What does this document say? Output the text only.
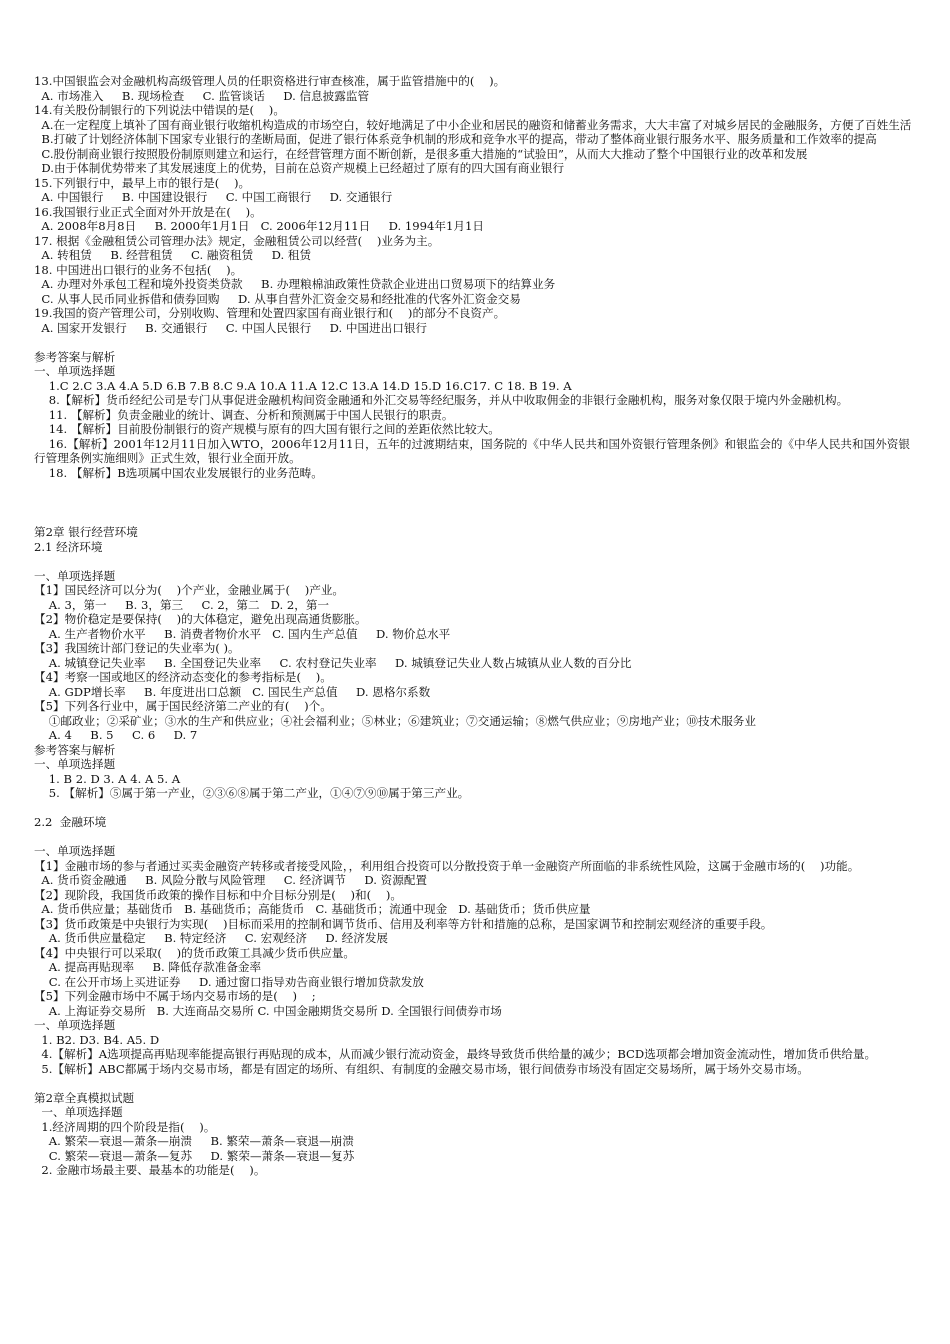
13.中国银监会对金融机构高级管理人员的任职资格进行审查核准，属于监管措施中的(    )。
A. 市场准入     B. 现场检查     C. 监管谈话     D. 信息披露监管
14.有关股份制银行的下列说法中错误的是(    )。
A.在一定程度上填补了国有商业银行收缩机构造成的市场空白，较好地满足了中小企业和居民的融资和储蓄业务需求，大大丰富了对城乡居民的金融服务，方便了百姓生活
B.打破了计划经济体制下国家专业银行的垄断局面，促进了银行体系竞争机制的形成和竞争水平的提高，带动了整体商业银行服务水平、服务质量和工作效率的提高
C.股份制商业银行按照股份制原则建立和运行，在经营管理方面不断创新，是很多重大措施的“试验田”，从而大大推动了整个中国银行业的改革和发展
D.由于体制优势带来了其发展速度上的优势，目前在总资产规模上已经超过了原有的四大国有商业银行
15.下列银行中，最早上市的银行是(    )。
A. 中国银行     B. 中国建设银行     C. 中国工商银行     D. 交通银行
16.我国银行业正式全面对外开放是在(    )。
A. 2008年8月8日     B. 2000年1月1日   C. 2006年12月11日     D. 1994年1月1日
17. 根据《金融租赁公司管理办法》规定，金融租赁公司以经营(    )业务为主。
A. 转租赁     B. 经营租赁     C. 融资租赁     D. 租赁
18. 中国进出口银行的业务不包括(    )。
A. 办理对外承包工程和境外投资类贷款     B. 办理粮棉油政策性贷款企业进出口贸易项下的结算业务
C. 从事人民币同业拆借和债券回购     D. 从事自营外汇资金交易和经批准的代客外汇资金交易
19.我国的资产管理公司，分别收购、管理和处置四家国有商业银行和(    )的部分不良资产。
A. 国家开发银行     B. 交通银行     C. 中国人民银行     D. 中国进出口银行
参考答案与解析
一、单项选择题
1.C 2.C 3.A 4.A 5.D 6.B 7.B 8.C 9.A 10.A 11.A 12.C 13.A 14.D 15.D 16.C17. C 18. B 19. A
8.【解析】货币经纪公司是专门从事促进金融机构间资金融通和外汇交易等经纪服务，并从中收取佣金的非银行金融机构，服务对象仅限于境内外金融机构。
11. 【解析】负责金融业的统计、调查、分析和预测属于中国人民银行的职责。
14. 【解析】目前股份制银行的资产规模与原有的四大国有银行之间的差距依然比较大。
16.【解析】2001年12月11日加入WTO，2006年12月11日，五年的过渡期结束，国务院的《中华人民共和国外资银行管理条例》和银监会的《中华人民共和国外资银行管理条例实施细则》正式生效，银行业全面开放。
18. 【解析】B选项属中国农业发展银行的业务范畴。
第2章 银行经营环境
2.1 经济环境
一、单项选择题
【1】国民经济可以分为(    )个产业，金融业属于(    )产业。
A. 3，第一     B. 3，第三     C. 2，第二   D. 2，第一
【2】物价稳定是要保持(    )的大体稳定，避免出现高通货膨胀。
A. 生产者物价水平     B. 消费者物价水平   C. 国内生产总值     D. 物价总水平
【3】我国统计部门登记的失业率为( )。
A. 城镇登记失业率     B. 全国登记失业率     C. 农村登记失业率     D. 城镇登记失业人数占城镇从业人数的百分比
【4】考察一国或地区的经济动态变化的参考指标是(    )。
A. GDP增长率     B. 年度进出口总额   C. 国民生产总值     D. 恩格尔系数
【5】下列各行业中，属于国民经济第二产业的有(    )个。
①邮政业；②采矿业；③水的生产和供应业；④社会福利业；⑤林业；⑥建筑业；⑦交通运输；⑧燃气供应业；⑨房地产业；⑩技术服务业
A. 4     B. 5     C. 6     D. 7
参考答案与解析
一、单项选择题
1. B 2. D 3. A 4. A 5. A
5. 【解析】⑤属于第一产业，②③⑥⑧属于第二产业，①④⑦⑨⑩属于第三产业。
2.2  金融环境
一、单项选择题
【1】金融市场的参与者通过买卖金融资产转移或者接受风险，，利用组合投资可以分散投资于单一金融资产所面临的非系统性风险，这属于金融市场的(    )功能。
A. 货币资金融通     B. 风险分散与风险管理     C. 经济调节     D. 资源配置
【2】现阶段，我国货币政策的操作目标和中介目标分别是(    )和(    )。
A. 货币供应量；基础货币   B. 基础货币；高能货币   C. 基础货币；流通中现金   D. 基础货币；货币供应量
【3】货币政策是中央银行为实现(    )目标而采用的控制和调节货币、信用及利率等方针和措施的总称，是国家调节和控制宏观经济的重要手段。
A. 货币供应量稳定     B. 特定经济     C. 宏观经济     D. 经济发展
【4】中央银行可以采取(    )的货币政策工具减少货币供应量。
A. 提高再贴现率     B. 降低存款准备金率
C. 在公开市场上买进证券     D. 通过窗口指导劝告商业银行增加贷款发放
【5】下列金融市场中不属于场内交易市场的是(    )    ;
A. 上海证券交易所   B. 大连商品交易所 C. 中国金融期货交易所 D. 全国银行间债券市场
一、单项选择题
1. B2. D3. B4. A5. D
4.【解析】A选项提高再贴现率能提高银行再贴现的成本，从而减少银行流动资金，最终导致货币供给量的减少；BCD选项都会增加资金流动性，增加货币供给量。
5.【解析】ABC都属于场内交易市场，都是有固定的场所、有组织、有制度的金融交易市场，银行间债券市场没有固定交易场所，属于场外交易市场。
第2章全真模拟试题
一、单项选择题
1.经济周期的四个阶段是指(    )。
A. 繁荣—衰退—萧条—崩溃     B. 繁荣—萧条—衰退—崩溃
C. 繁荣—衰退—萧条—复苏     D. 繁荣—萧条—衰退—复苏
2. 金融市场最主要、最基本的功能是(    )。
